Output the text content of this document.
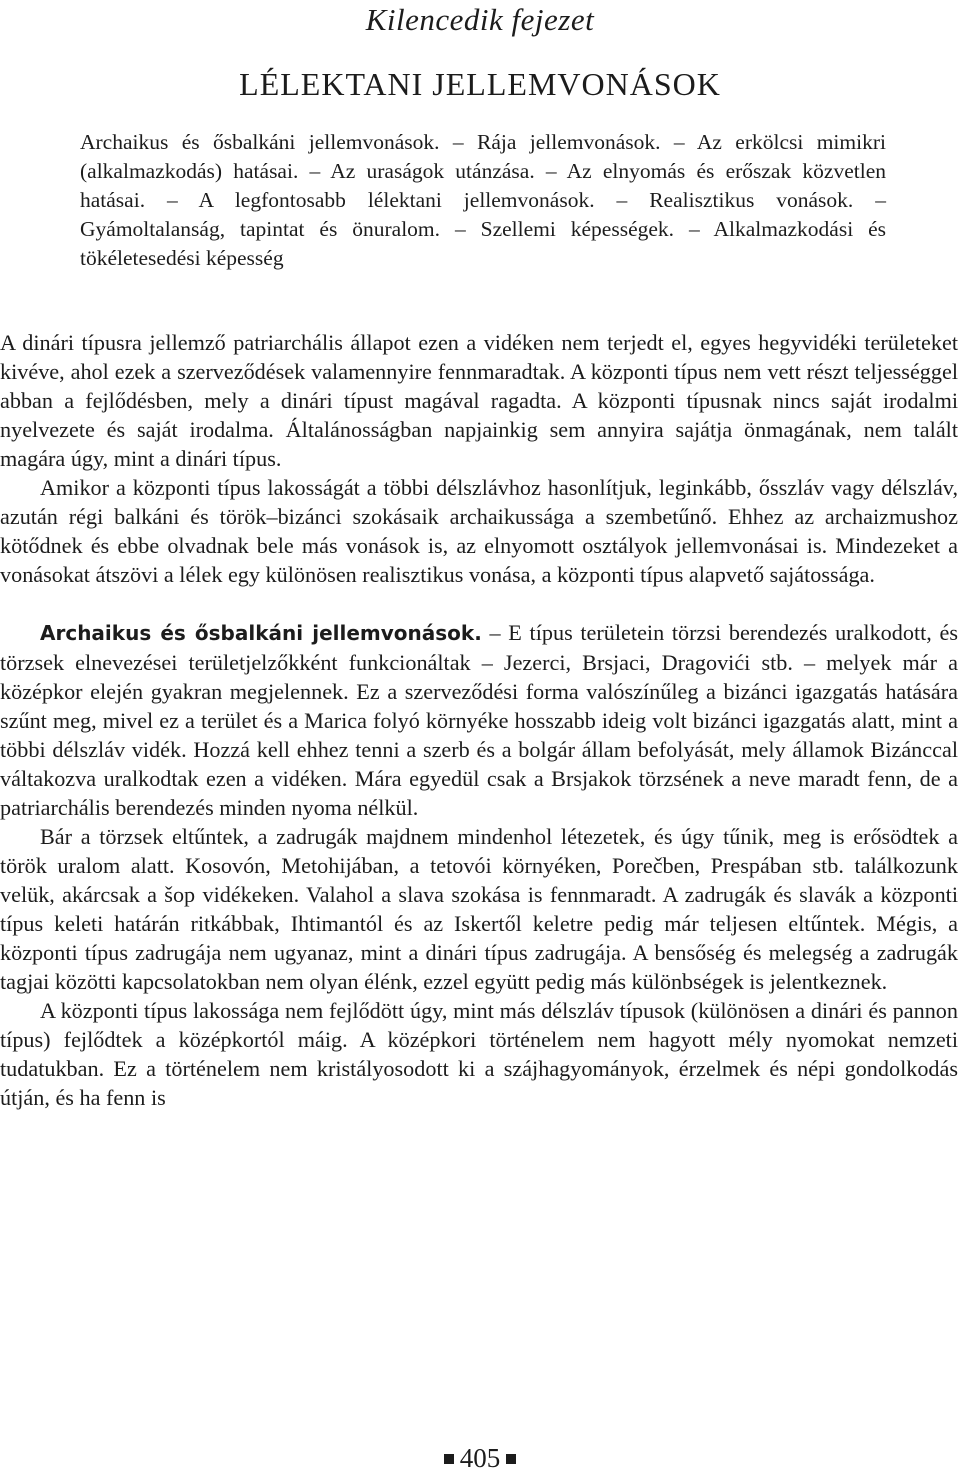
Kilencedik fejezet
LÉLEKTANI JELLEMVONÁSOK
Archaikus és ősbalkáni jellemvonások. – Rája jellemvonások. – Az erkölcsi mimikri (alkalmazkodás) hatásai. – Az uraságok utánzása. – Az elnyomás és erőszak közvetlen hatásai. – A legfontosabb lélektani jellemvonások. – Realisztikus vonások. – Gyámoltalanság, tapintat és önuralom. – Szellemi képességek. – Alkalmazkodási és tökéletesedési képesség

A dinári típusra jellemző patriarchális állapot ezen a vidéken nem terjedt el, egyes hegyvidéki területeket kivéve, ahol ezek a szerveződések valamennyire fennmaradtak. A központi típus nem vett részt teljességgel abban a fejlődésben, mely a dinári típust magával ragadta. A központi típusnak nincs saját irodalmi nyelvezete és saját irodalma. Általánosságban napjainkig sem annyira sajátja önmagának, nem talált magára úgy, mint a dinári típus.

Amikor a központi típus lakosságát a többi délszlávhoz hasonlítjuk, leginkább, ősszláv vagy délszláv, azután régi balkáni és török–bizánci szokásaik archaikussága a szembetűnő. Ehhez az archaizmushoz kötődnek és ebbe olvadnak bele más vonások is, az elnyomott osztályok jellemvonásai is. Mindezeket a vonásokat átszövi a lélek egy különösen realisztikus vonása, a központi típus alapvető sajátossága.

Archaikus és ősbalkáni jellemvonások. – E típus területein törzsi berendezés uralkodott, és törzsek elnevezései területjelzőkként funkcionáltak – Jezerci, Brsjaci, Dragovići stb. – melyek már a középkor elején gyakran megjelennek. Ez a szerveződési forma valószínűleg a bizánci igazgatás hatására szűnt meg, mivel ez a terület és a Marica folyó környéke hosszabb ideig volt bizánci igazgatás alatt, mint a többi délszláv vidék. Hozzá kell ehhez tenni a szerb és a bolgár állam befolyását, mely államok Bizánccal váltakozva uralkodtak ezen a vidéken. Mára egyedül csak a Brsjakok törzsének a neve maradt fenn, de a patriarchális berendezés minden nyoma nélkül.

Bár a törzsek eltűntek, a zadrugák majdnem mindenhol létezetek, és úgy tűnik, meg is erősödtek a török uralom alatt. Kosovón, Metohijában, a tetovói környéken, Porečben, Prespában stb. találkozunk velük, akárcsak a šop vidékeken. Valahol a slava szokása is fennmaradt. A zadrugák és slavák a központi típus keleti határán ritkábbak, Ihtimantól és az Iskertől keletre pedig már teljesen eltűntek. Mégis, a központi típus zadrugája nem ugyanaz, mint a dinári típus zadrugája. A bensőség és melegség a zadrugák tagjai közötti kapcsolatokban nem olyan élénk, ezzel együtt pedig más különbségek is jelentkeznek.

A központi típus lakossága nem fejlődött úgy, mint más délszláv típusok (különösen a dinári és pannon típus) fejlődtek a középkortól máig. A középkori történelem nem hagyott mély nyomokat nemzeti tudatukban. Ez a történelem nem kristályosodott ki a szájhagyományok, érzelmek és népi gondolkodás útján, és ha fenn is

405
